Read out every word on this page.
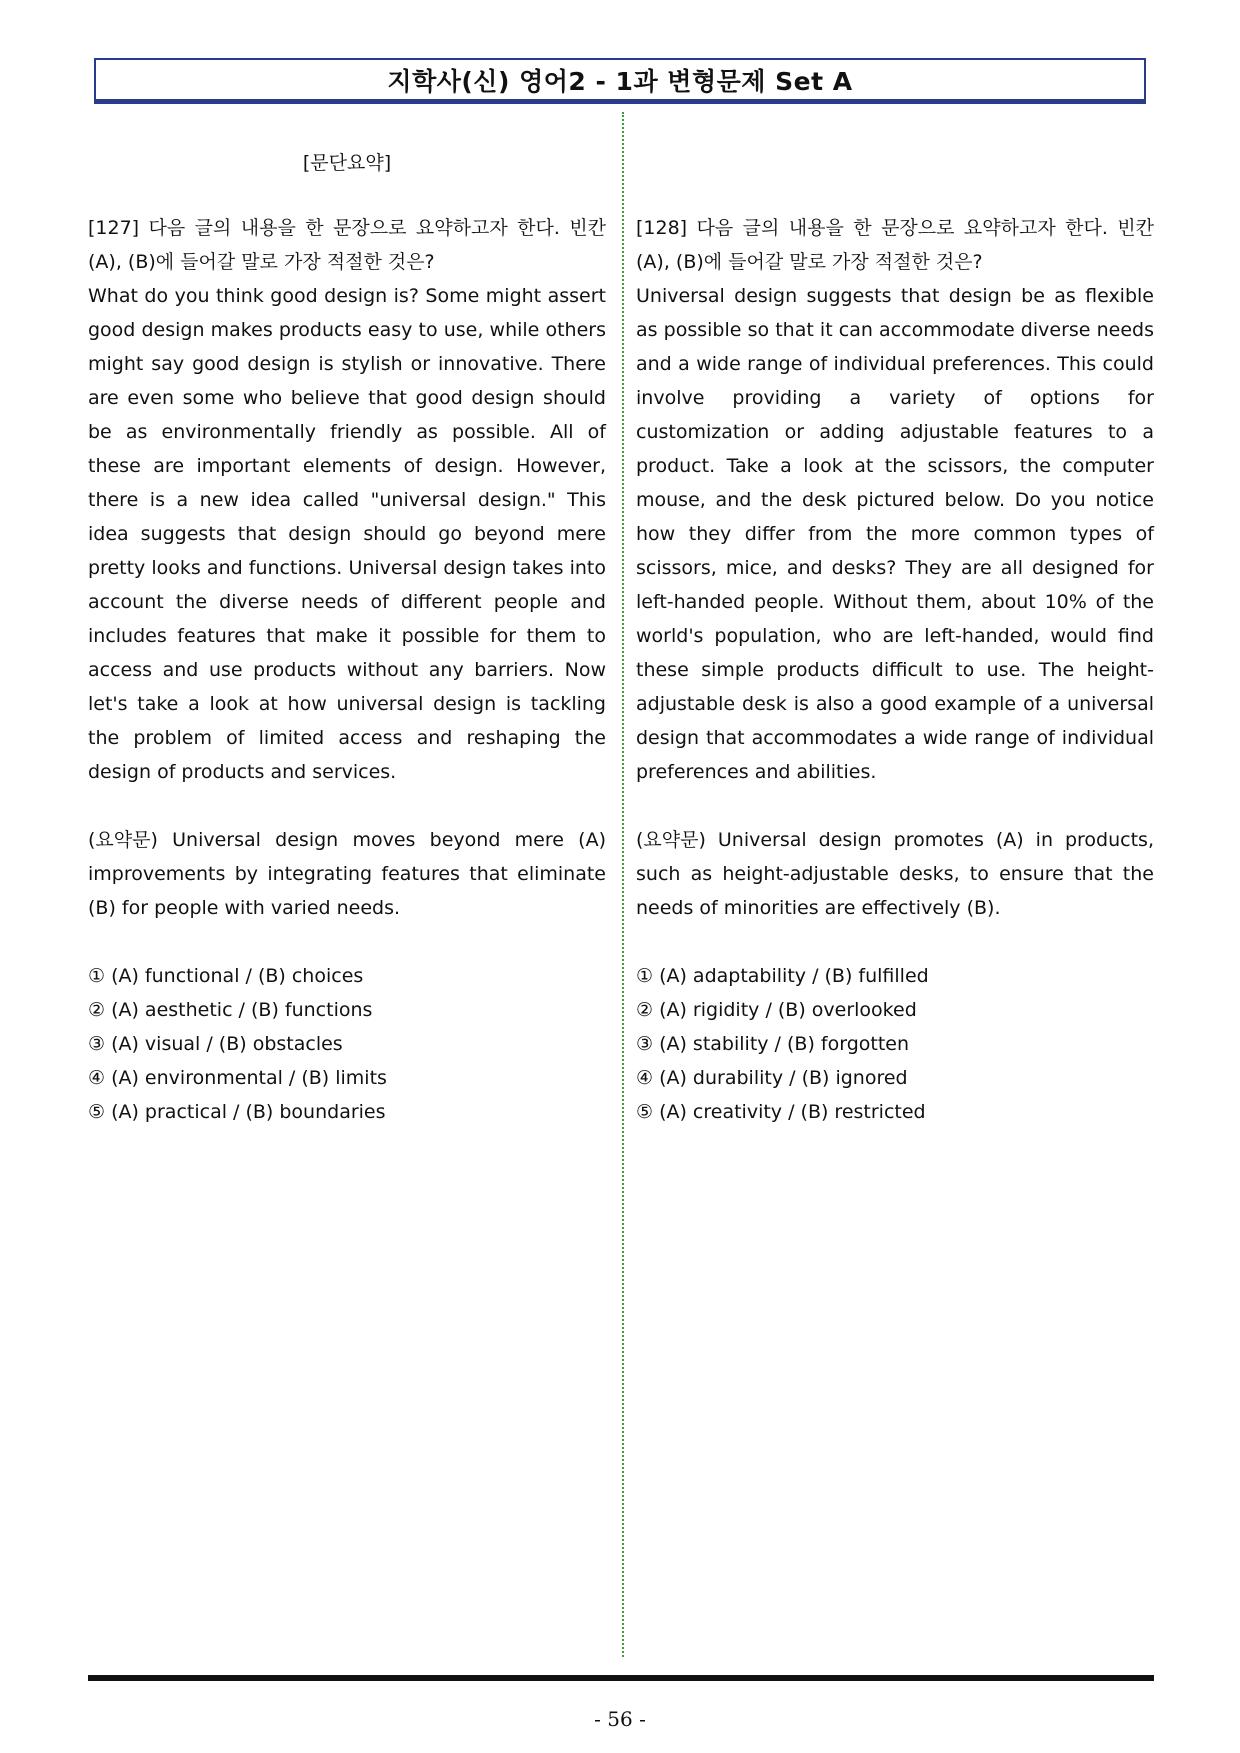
지학사(신) 영어2 - 1과 변형문제 Set A

[문단요약]

[127] 다음 글의 내용을 한 문장으로 요약하고자 한다. 빈칸 (A), (B)에 들어갈 말로 가장 적절한 것은?

What do you think good design is? Some might assert good design makes products easy to use, while others might say good design is stylish or innovative. There are even some who believe that good design should be as environmentally friendly as possible. All of these are important elements of design. However, there is a new idea called "universal design." This idea suggests that design should go beyond mere pretty looks and functions. Universal design takes into account the diverse needs of different people and includes features that make it possible for them to access and use products without any barriers. Now let's take a look at how universal design is tackling the problem of limited access and reshaping the design of products and services.

(요약문) Universal design moves beyond mere (A) improvements by integrating features that eliminate (B) for people with varied needs.

① (A) functional / (B) choices
② (A) aesthetic / (B) functions
③ (A) visual / (B) obstacles
④ (A) environmental / (B) limits
⑤ (A) practical / (B) boundaries

[128] 다음 글의 내용을 한 문장으로 요약하고자 한다. 빈칸 (A), (B)에 들어갈 말로 가장 적절한 것은?

Universal design suggests that design be as flexible as possible so that it can accommodate diverse needs and a wide range of individual preferences. This could involve providing a variety of options for customization or adding adjustable features to a product. Take a look at the scissors, the computer mouse, and the desk pictured below. Do you notice how they differ from the more common types of scissors, mice, and desks? They are all designed for left-handed people. Without them, about 10% of the world's population, who are left-handed, would find these simple products difficult to use. The height-adjustable desk is also a good example of a universal design that accommodates a wide range of individual preferences and abilities.

(요약문) Universal design promotes (A) in products, such as height-adjustable desks, to ensure that the needs of minorities are effectively (B).

① (A) adaptability / (B) fulfilled
② (A) rigidity / (B) overlooked
③ (A) stability / (B) forgotten
④ (A) durability / (B) ignored
⑤ (A) creativity / (B) restricted
- 56 -
